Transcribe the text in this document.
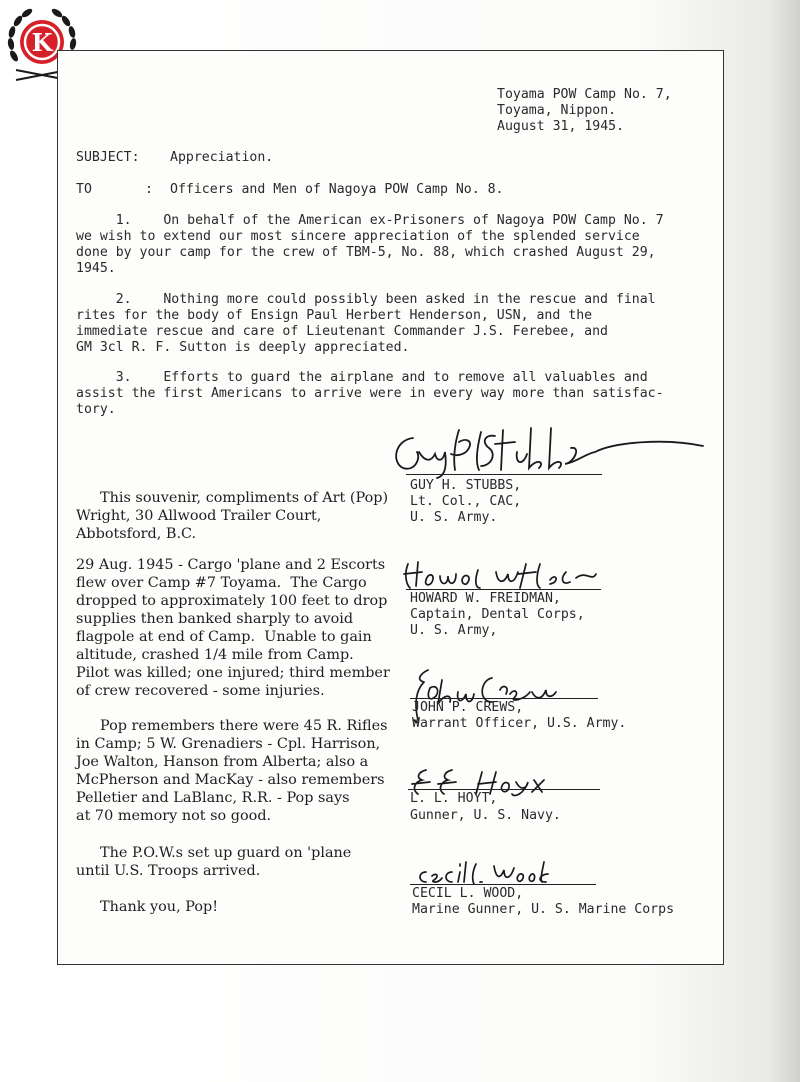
K
Toyama POW Camp No. 7,
Toyama, Nippon.
August 31, 1945.
SUBJECT: Appreciation.
TO	: Officers and Men of Nagoya POW Camp No. 8.
1.    On behalf of the American ex-Prisoners of Nagoya POW Camp No. 7
we wish to extend our most sincere appreciation of the splended service
done by your camp for the crew of TBM-5, No. 88, which crashed August 29,
1945.
2.    Nothing more could possibly been asked in the rescue and final
rites for the body of Ensign Paul Herbert Henderson, USN, and the
immediate rescue and care of Lieutenant Commander J.S. Ferebee, and
GM 3cl R. F. Sutton is deeply appreciated.
3.    Efforts to guard the airplane and to remove all valuables and
assist the first Americans to arrive were in every way more than satisfac-
tory.
GUY H. STUBBS,
Lt. Col., CAC,
U. S. Army.
HOWARD W. FREIDMAN,
Captain, Dental Corps,
U. S. Army,
JOHN P. CREWS,
Warrant Officer, U.S. Army.
L. L. HOYT,
Gunner, U. S. Navy.
CECIL L. WOOD,
Marine Gunner, U. S. Marine Corps
This souvenir, compliments of Art (Pop)
Wright, 30 Allwood Trailer Court,
Abbotsford, B.C.
29 Aug. 1945 - Cargo 'plane and 2 Escorts
flew over Camp #7 Toyama.  The Cargo
dropped to approximately 100 feet to drop
supplies then banked sharply to avoid
flagpole at end of Camp.  Unable to gain
altitude, crashed 1/4 mile from Camp.
Pilot was killed; one injured; third member
of crew recovered - some injuries.
Pop remembers there were 45 R. Rifles
in Camp; 5 W. Grenadiers - Cpl. Harrison,
Joe Walton, Hanson from Alberta; also a
McPherson and MacKay - also remembers
Pelletier and LaBlanc, R.R. - Pop says
at 70 memory not so good.
The P.O.W.s set up guard on 'plane
until U.S. Troops arrived.
Thank you, Pop!
